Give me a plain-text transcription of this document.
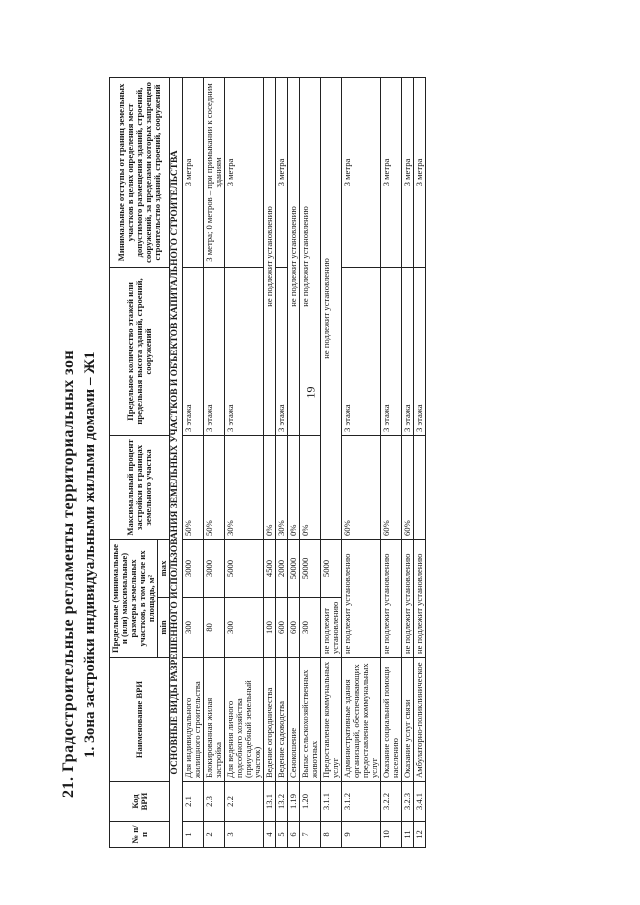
19
21. Градостроительные регламенты территориальных зон 1. Зона застройки индивидуальными жилыми домами – Ж1
№ п/п	Код ВРИ	Наименование ВРИ	Предельные (минимальные и (или) максимальные) размеры земельных участков, в том числе их площадь, м²		Максимальный процент застройки в границах земельного участка	Предельное количество этажей или предельная высота зданий, строений, сооружений	Минимальные отступы от границ земельных участков в целях определения мест допустимого размещения зданий, строений, сооружений, за пределами которых запрещено строительство зданий, строений, сооружений
			min	max			
ОСНОВНЫЕ ВИДЫ РАЗРЕШЕННОГО ИСПОЛЬЗОВАНИЯ ЗЕМЕЛЬНЫХ УЧАСТКОВ И ОБЪЕКТОВ КАПИТАЛЬНОГО СТРОИТЕЛЬСТВА							
1	2.1	Для индивидуального жилищного строительства	300	3000	50%	3 этажа	3 метра
2	2.3	Блокированная жилая застройка	80	3000	50%	3 этажа	3 метра; 0 метров – при примыкании к соседним зданиям
3	2.2	Для ведения личного подсобного хозяйства (приусадебный земельный участок)	300	5000	30%	3 этажа	3 метра
4	13.1	Ведение огородничества	100	4500	0%	не подлежит установлению	
5	13.2	Ведение садоводства	600	2000	30%	3 этажа	3 метра
6	1.19	Сенокошение	600	50000	0%	не подлежит установлению	
7	1.20	Выпас сельскохозяйственных животных	300	50000	0%	не подлежит установлению	
8	3.1.1	Предоставление коммунальных услуг	не подлежит установлению	5000	не подлежит установлению		
9	3.1.2	Административные здания организаций, обеспечивающих предоставление коммунальных услуг	не подлежит установлению		60%	3 этажа	3 метра
10	3.2.2	Оказание социальной помощи населению	не подлежит установлению		60%	3 этажа	3 метра
11	3.2.3	Оказание услуг связи	не подлежит установлению		60%	3 этажа	3 метра
12	3.4.1	Амбулаторно-поликлиническое	не подлежит установлению			3 этажа	3 метра
